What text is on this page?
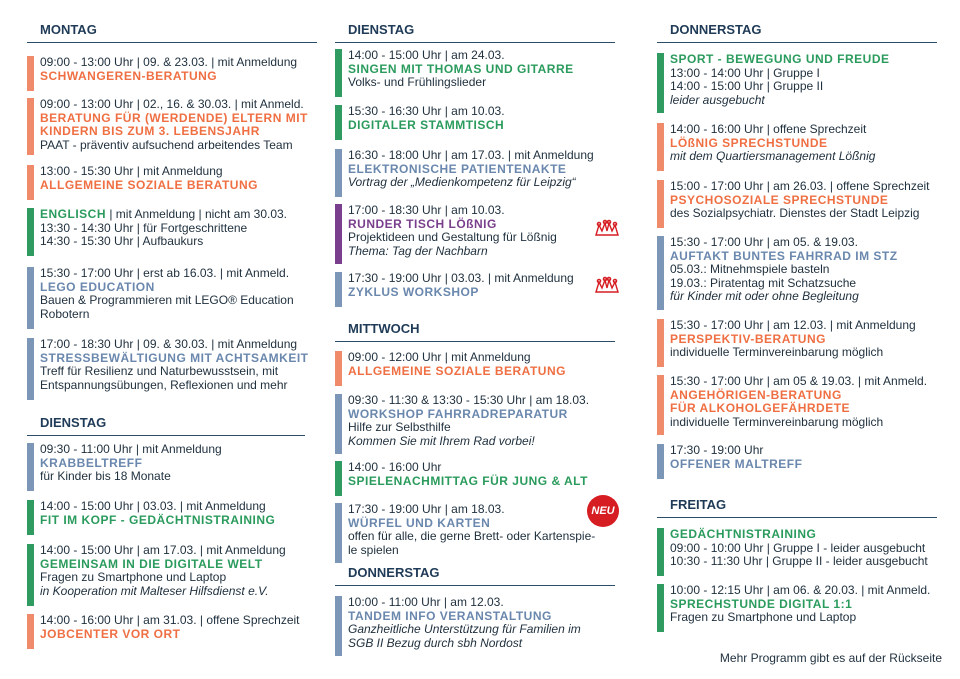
MONTAG
09:00 - 13:00 Uhr | 09. & 23.03. | mit Anmeldung
SCHWANGEREN-BERATUNG
09:00 - 13:00 Uhr | 02., 16. & 30.03. | mit Anmeld.
BERATUNG FÜR (WERDENDE) ELTERN MIT
KINDERN BIS ZUM 3. LEBENSJAHR
PAAT - präventiv aufsuchend arbeitendes Team
13:00 - 15:30 Uhr | mit Anmeldung
ALLGEMEINE SOZIALE BERATUNG
ENGLISCH | mit Anmeldung | nicht am 30.03.
13:30 - 14:30 Uhr | für Fortgeschrittene
14:30 - 15:30 Uhr | Aufbaukurs
15:30 - 17:00 Uhr | erst ab 16.03. | mit Anmeld.
LEGO EDUCATION
Bauen & Programmieren mit LEGO® Education
Robotern
17:00 - 18:30 Uhr | 09. & 30.03. | mit Anmeldung
STRESSBEWÄLTIGUNG MIT ACHTSAMKEIT
Treff für Resilienz und Naturbewusstsein, mit
Entspannungsübungen, Reflexionen und mehr
DIENSTAG
09:30 - 11:00 Uhr | mit Anmeldung
KRABBELTREFF
für Kinder bis 18 Monate
14:00 - 15:00 Uhr | 03.03. | mit Anmeldung
FIT IM KOPF - GEDÄCHTNISTRAINING
14:00 - 15:00 Uhr | am 17.03. | mit Anmeldung
GEMEINSAM IN DIE DIGITALE WELT
Fragen zu Smartphone und Laptop
in Kooperation mit Malteser Hilfsdienst e.V.
14:00 - 16:00 Uhr | am 31.03. | offene Sprechzeit
JOBCENTER VOR ORT
DIENSTAG
14:00 - 15:00 Uhr | am 24.03.
SINGEN MIT THOMAS UND GITARRE
Volks- und Frühlingslieder
15:30 - 16:30 Uhr | am 10.03.
DIGITALER STAMMTISCH
16:30 - 18:00 Uhr | am 17.03. | mit Anmeldung
ELEKTRONISCHE PATIENTENAKTE
Vortrag der „Medienkompetenz für Leipzig“
17:00 - 18:30 Uhr | am 10.03.
RUNDER TISCH LÖßNIG
Projektideen und Gestaltung für Lößnig
Thema: Tag der Nachbarn
17:30 - 19:00 Uhr | 03.03. | mit Anmeldung
ZYKLUS WORKSHOP
MITTWOCH
09:00 - 12:00 Uhr | mit Anmeldung
ALLGEMEINE SOZIALE BERATUNG
09:30 - 11:30 & 13:30 - 15:30 Uhr | am 18.03.
WORKSHOP FAHRRADREPARATUR
Hilfe zur Selbsthilfe
Kommen Sie mit Ihrem Rad vorbei!
14:00 - 16:00 Uhr
SPIELENACHMITTAG FÜR JUNG & ALT
17:30 - 19:00 Uhr | am 18.03.
WÜRFEL UND KARTEN
offen für alle, die gerne Brett- oder Kartenspie-
le spielen
NEU
DONNERSTAG
10:00 - 11:00 Uhr | am 12.03.
TANDEM INFO VERANSTALTUNG
Ganzheitliche Unterstützung für Familien im
SGB II Bezug durch sbh Nordost
DONNERSTAG
SPORT - BEWEGUNG UND FREUDE
13:00 - 14:00 Uhr | Gruppe I
14:00 - 15:00 Uhr | Gruppe II
leider ausgebucht
14:00 - 16:00 Uhr | offene Sprechzeit
LÖßNIG SPRECHSTUNDE
mit dem Quartiersmanagement Lößnig
15:00 - 17:00 Uhr | am 26.03. | offene Sprechzeit
PSYCHOSOZIALE SPRECHSTUNDE
des Sozialpsychiatr. Dienstes der Stadt Leipzig
15:30 - 17:00 Uhr | am 05. & 19.03.
AUFTAKT BUNTES FAHRRAD IM STZ
05.03.: Mitnehmspiele basteln
19.03.: Piratentag mit Schatzsuche
für Kinder mit oder ohne Begleitung
15:30 - 17:00 Uhr | am 12.03. | mit Anmeldung
PERSPEKTIV-BERATUNG
individuelle Terminvereinbarung möglich
15:30 - 17:00 Uhr | am 05 & 19.03. | mit Anmeld.
ANGEHÖRIGEN-BERATUNG
FÜR ALKOHOLGEFÄHRDETE
individuelle Terminvereinbarung möglich
17:30 - 19:00 Uhr
OFFENER MALTREFF
FREITAG
GEDÄCHTNISTRAINING
09:00 - 10:00 Uhr | Gruppe I - leider ausgebucht
10:30 - 11:30 Uhr | Gruppe II - leider ausgebucht
10:00 - 12:15 Uhr | am 06. & 20.03. | mit Anmeld.
SPRECHSTUNDE DIGITAL 1:1
Fragen zu Smartphone und Laptop
Mehr Programm gibt es auf der Rückseite
